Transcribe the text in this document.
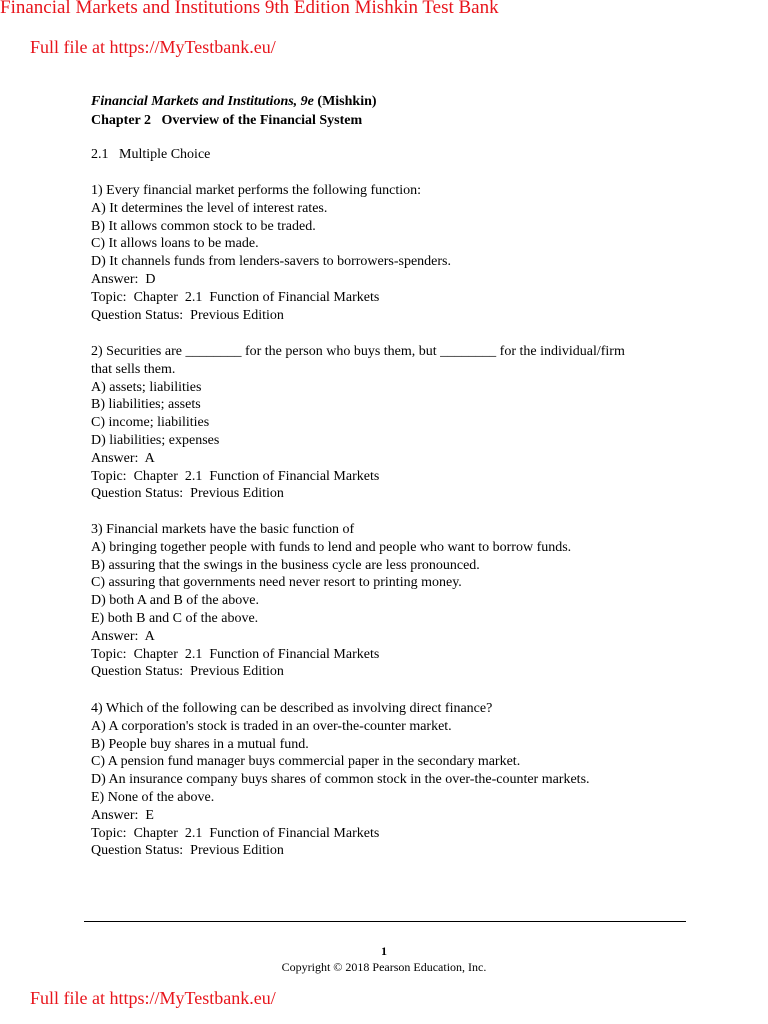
Financial Markets and Institutions 9th Edition Mishkin Test Bank
Full file at https://MyTestbank.eu/
Financial Markets and Institutions, 9e (Mishkin)
Chapter 2   Overview of the Financial System
2.1   Multiple Choice

1) Every financial market performs the following function:

A) It determines the level of interest rates.

B) It allows common stock to be traded.

C) It allows loans to be made.

D) It channels funds from lenders-savers to borrowers-spenders.

Answer:  D

Topic:  Chapter  2.1  Function of Financial Markets

Question Status:  Previous Edition

2) Securities are ________ for the person who buys them, but ________ for the individual/firm

that sells them.

A) assets; liabilities

B) liabilities; assets

C) income; liabilities

D) liabilities; expenses

Answer:  A

Topic:  Chapter  2.1  Function of Financial Markets

Question Status:  Previous Edition

3) Financial markets have the basic function of

A) bringing together people with funds to lend and people who want to borrow funds.

B) assuring that the swings in the business cycle are less pronounced.

C) assuring that governments need never resort to printing money.

D) both A and B of the above.

E) both B and C of the above.

Answer:  A

Topic:  Chapter  2.1  Function of Financial Markets

Question Status:  Previous Edition

4) Which of the following can be described as involving direct finance?

A) A corporation's stock is traded in an over-the-counter market.

B) People buy shares in a mutual fund.

C) A pension fund manager buys commercial paper in the secondary market.

D) An insurance company buys shares of common stock in the over-the-counter markets.

E) None of the above.

Answer:  E

Topic:  Chapter  2.1  Function of Financial Markets

Question Status:  Previous Edition

1
Copyright © 2018 Pearson Education, Inc.
Full file at https://MyTestbank.eu/
